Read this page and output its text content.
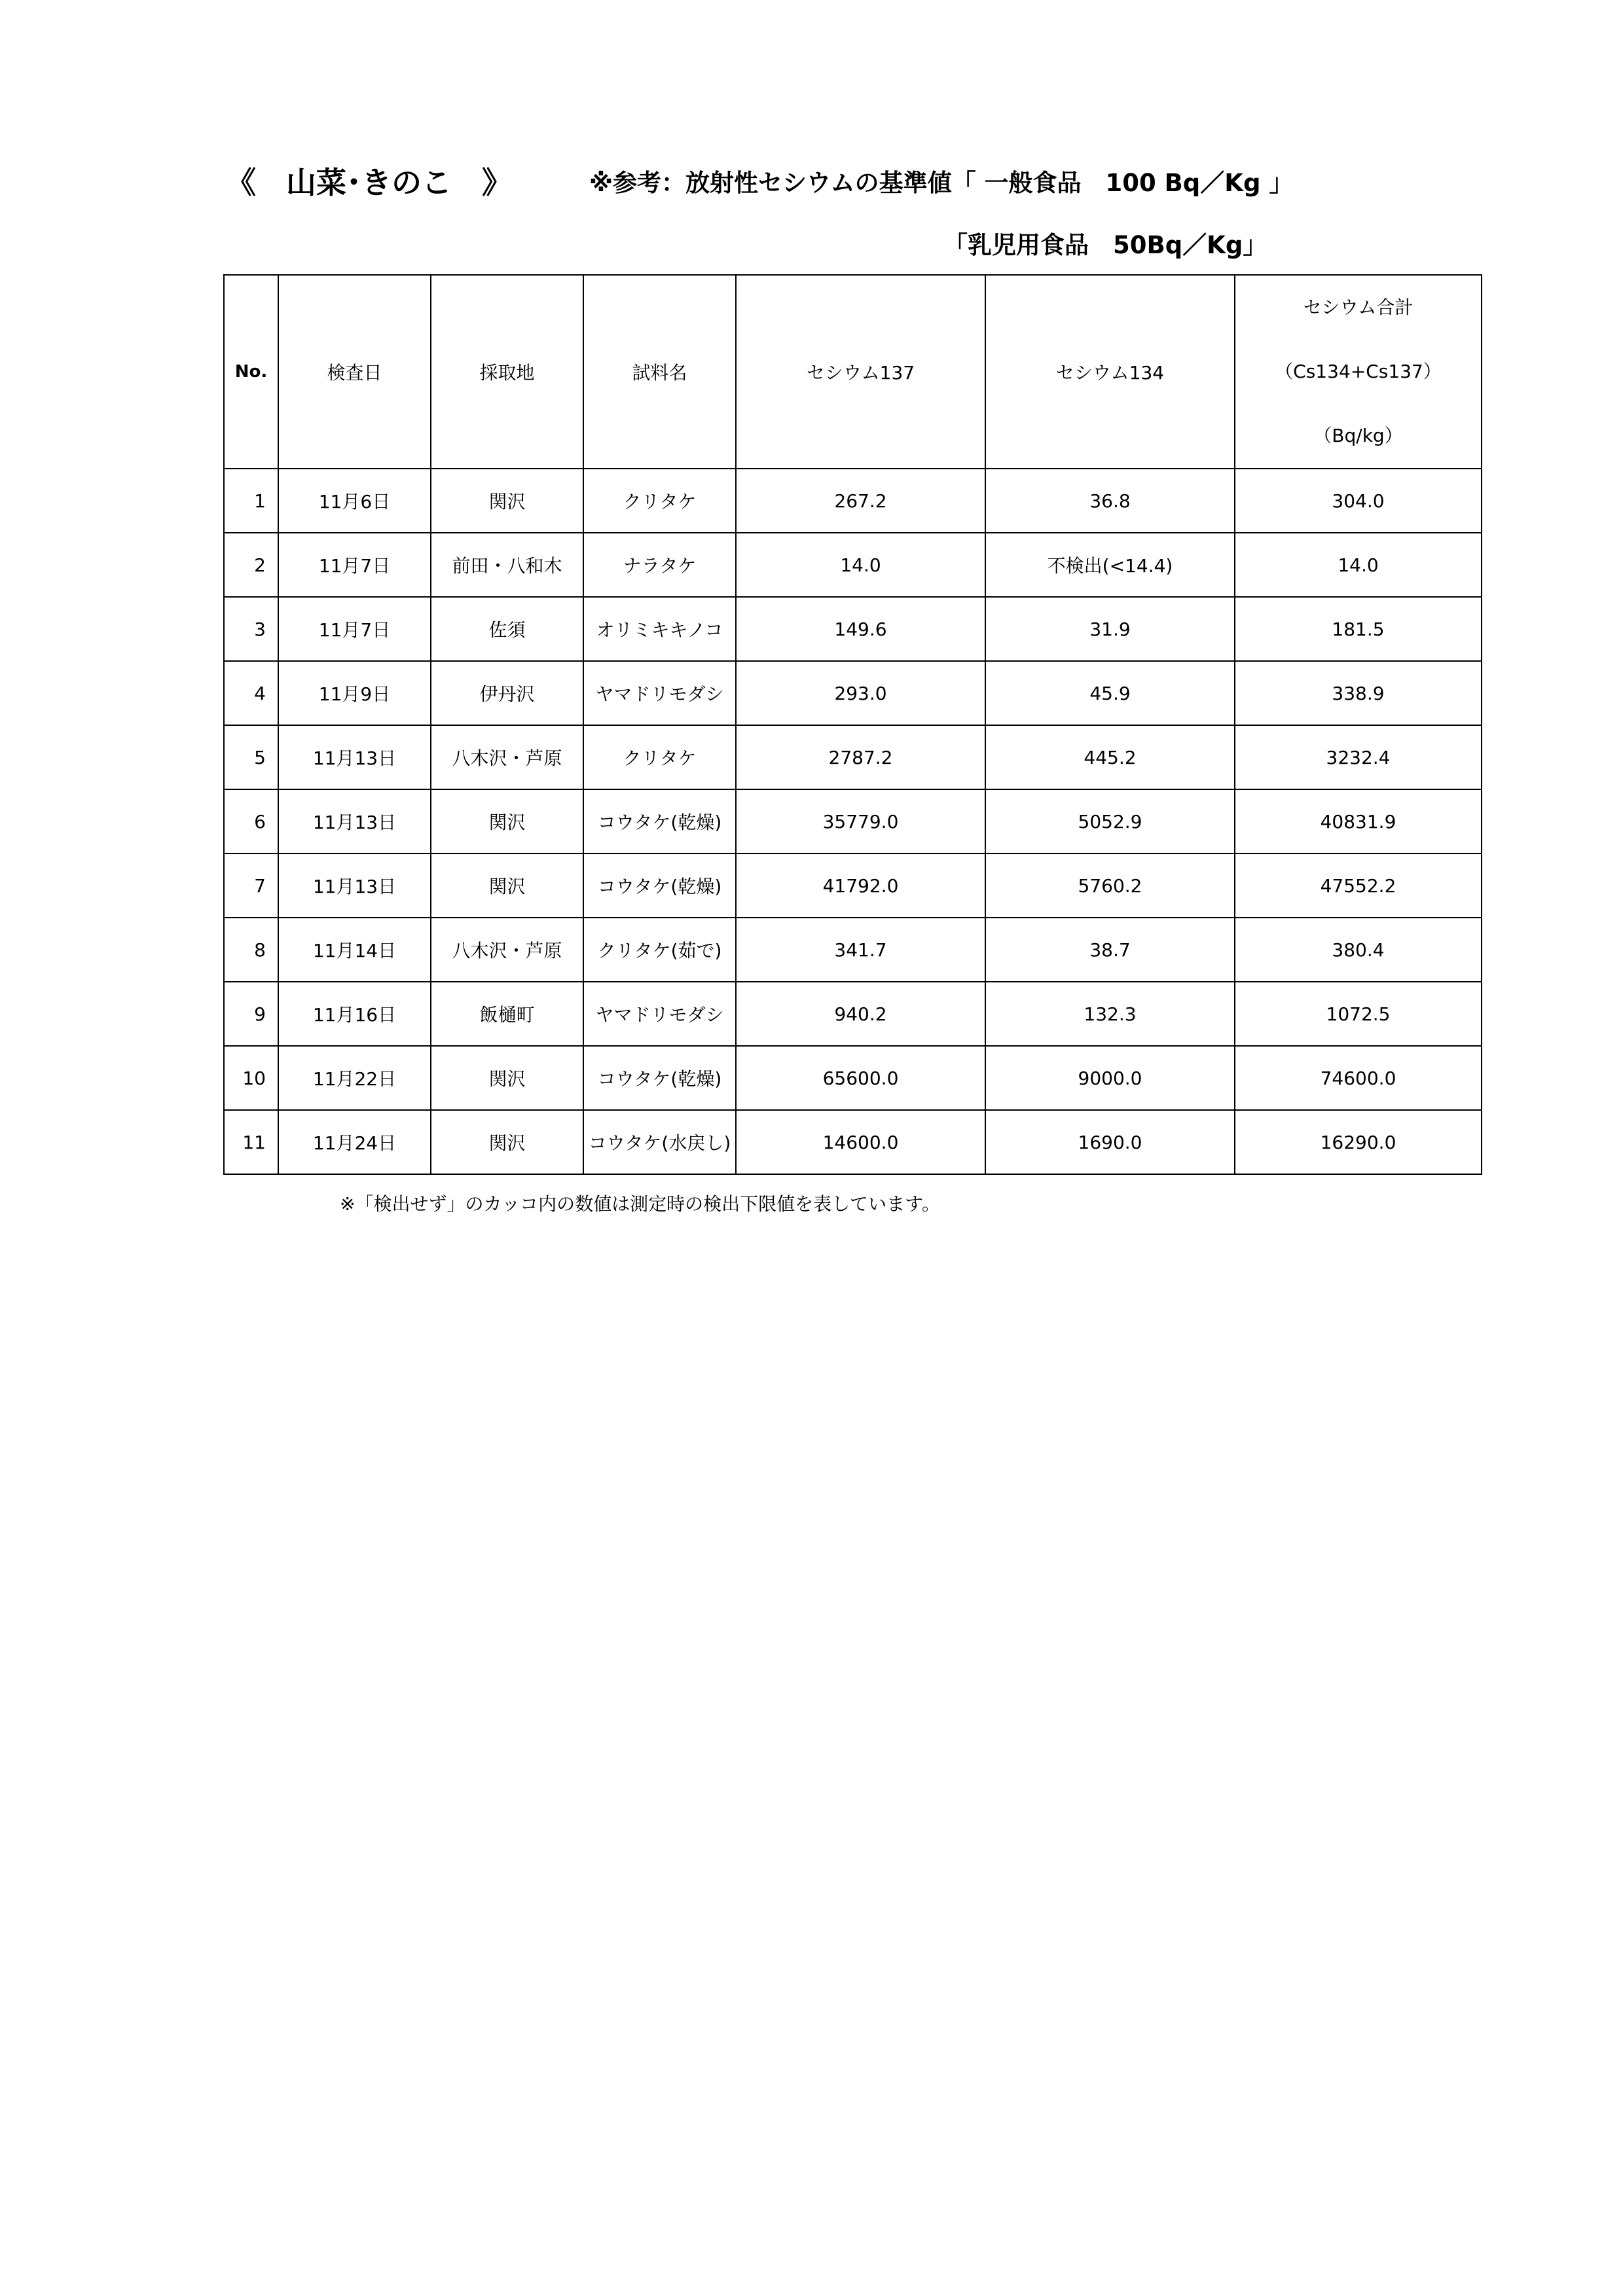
《　山菜･きのこ　》	※参考：放射性セシウムの基準値「 一般食品　100 Bq／Kg 」
「乳児用食品　50Bq／Kg」
No.	検査日	採取地	試料名	セシウム137	セシウム134	セシウム合計
（Cs134+Cs137）
（Bq/kg）

1	11月6日	関沢	クリタケ	267.2	36.8	304.0
2	11月7日	前田・八和木	ナラタケ	14.0	不検出(<14.4)	14.0
3	11月7日	佐須	オリミキキノコ	149.6	31.9	181.5
4	11月9日	伊丹沢	ヤマドリモダシ	293.0	45.9	338.9
5	11月13日	八木沢・芦原	クリタケ	2787.2	445.2	3232.4
6	11月13日	関沢	コウタケ(乾燥)	35779.0	5052.9	40831.9
7	11月13日	関沢	コウタケ(乾燥)	41792.0	5760.2	47552.2
8	11月14日	八木沢・芦原	クリタケ(茹で)	341.7	38.7	380.4
9	11月16日	飯樋町	ヤマドリモダシ	940.2	132.3	1072.5
10	11月22日	関沢	コウタケ(乾燥)	65600.0	9000.0	74600.0
11	11月24日	関沢	コウタケ(水戻し)	14600.0	1690.0	16290.0
※「検出せず」のカッコ内の数値は測定時の検出下限値を表しています。
